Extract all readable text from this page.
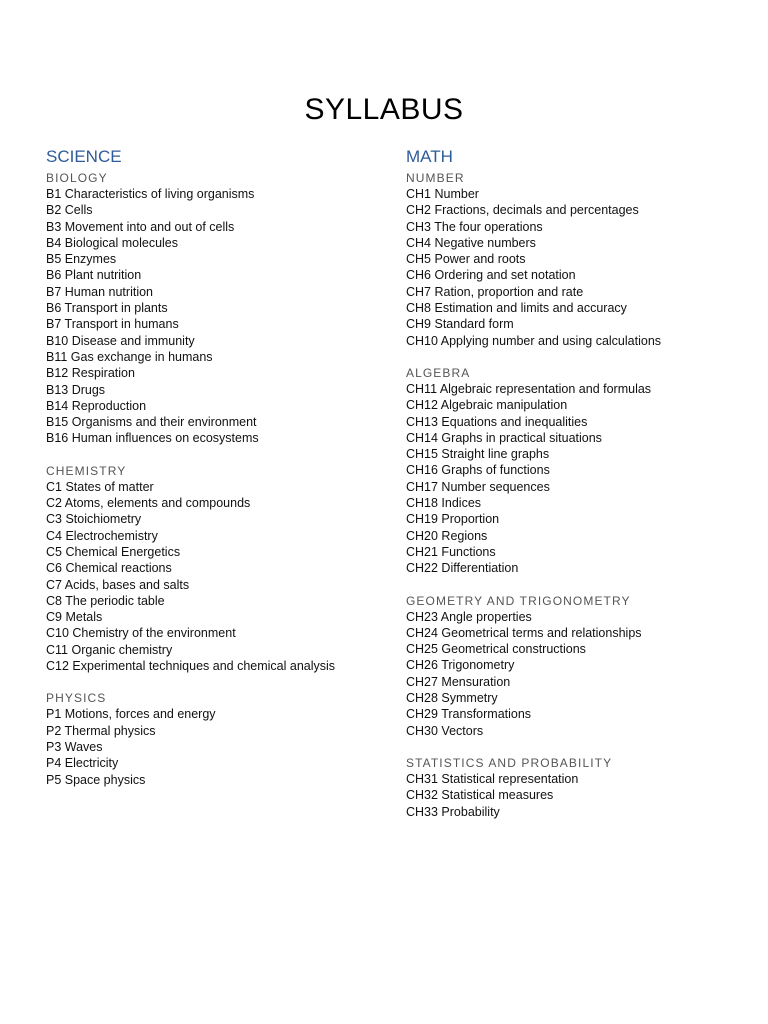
SYLLABUS
SCIENCE
BIOLOGY
B1 Characteristics of living organisms
B2 Cells
B3 Movement into and out of cells
B4 Biological molecules
B5 Enzymes
B6 Plant nutrition
B7 Human nutrition
B6 Transport in plants
B7 Transport in humans
B10 Disease and immunity
B11 Gas exchange in humans
B12 Respiration
B13 Drugs
B14 Reproduction
B15 Organisms and their environment
B16 Human influences on ecosystems
CHEMISTRY
C1 States of matter
C2 Atoms, elements and compounds
C3 Stoichiometry
C4 Electrochemistry
C5 Chemical Energetics
C6 Chemical reactions
C7 Acids, bases and salts
C8 The periodic table
C9 Metals
C10 Chemistry of the environment
C11 Organic chemistry
C12 Experimental techniques and chemical analysis
PHYSICS
P1 Motions, forces and energy
P2 Thermal physics
P3 Waves
P4 Electricity
P5 Space physics
MATH
NUMBER
CH1 Number
CH2 Fractions, decimals and percentages
CH3 The four operations
CH4 Negative numbers
CH5 Power and roots
CH6 Ordering and set notation
CH7 Ration, proportion and rate
CH8 Estimation and limits and accuracy
CH9 Standard form
CH10 Applying number and using calculations
ALGEBRA
CH11 Algebraic representation and formulas
CH12 Algebraic manipulation
CH13 Equations and inequalities
CH14 Graphs in practical situations
CH15 Straight line graphs
CH16 Graphs of functions
CH17 Number sequences
CH18 Indices
CH19 Proportion
CH20 Regions
CH21 Functions
CH22 Differentiation
GEOMETRY AND TRIGONOMETRY
CH23 Angle properties
CH24 Geometrical terms and relationships
CH25 Geometrical constructions
CH26 Trigonometry
CH27 Mensuration
CH28 Symmetry
CH29 Transformations
CH30 Vectors
STATISTICS AND PROBABILITY
CH31 Statistical representation
CH32 Statistical measures
CH33 Probability
